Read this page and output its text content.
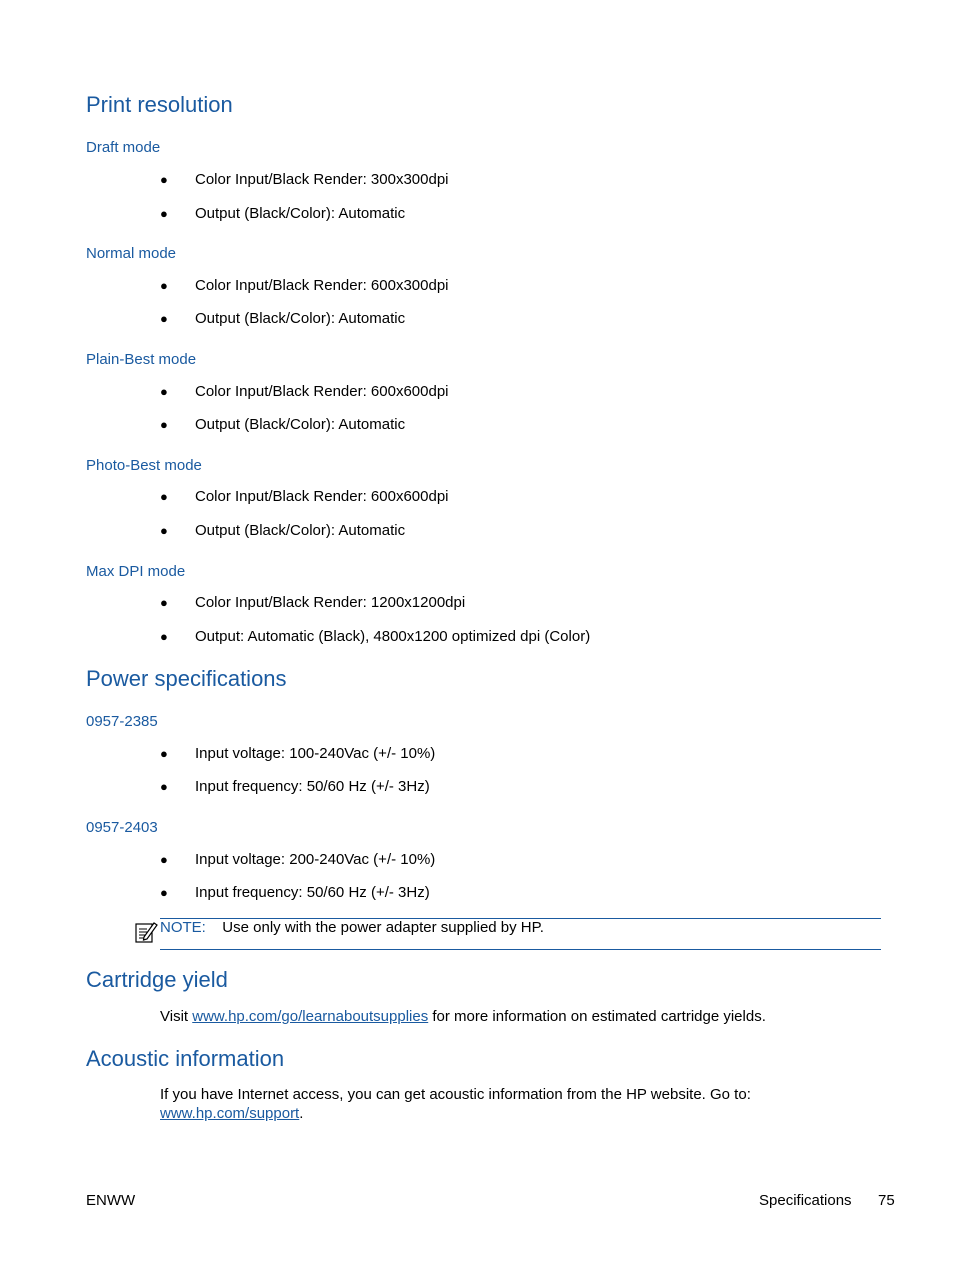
Print resolution
Draft mode
● Color Input/Black Render: 300x300dpi
● Output (Black/Color): Automatic
Normal mode
● Color Input/Black Render: 600x300dpi
● Output (Black/Color): Automatic
Plain-Best mode
● Color Input/Black Render: 600x600dpi
● Output (Black/Color): Automatic
Photo-Best mode
● Color Input/Black Render: 600x600dpi
● Output (Black/Color): Automatic
Max DPI mode
● Color Input/Black Render: 1200x1200dpi
● Output: Automatic (Black), 4800x1200 optimized dpi (Color)
Power specifications
0957-2385
● Input voltage: 100-240Vac (+/- 10%)
● Input frequency: 50/60 Hz (+/- 3Hz)
0957-2403
● Input voltage: 200-240Vac (+/- 10%)
● Input frequency: 50/60 Hz (+/- 3Hz)
NOTE: Use only with the power adapter supplied by HP.
Cartridge yield
Visit www.hp.com/go/learnaboutsupplies for more information on estimated cartridge yields.
Acoustic information
If you have Internet access, you can get acoustic information from the HP website. Go to:
www.hp.com/support.
ENWW	Specifications 75
